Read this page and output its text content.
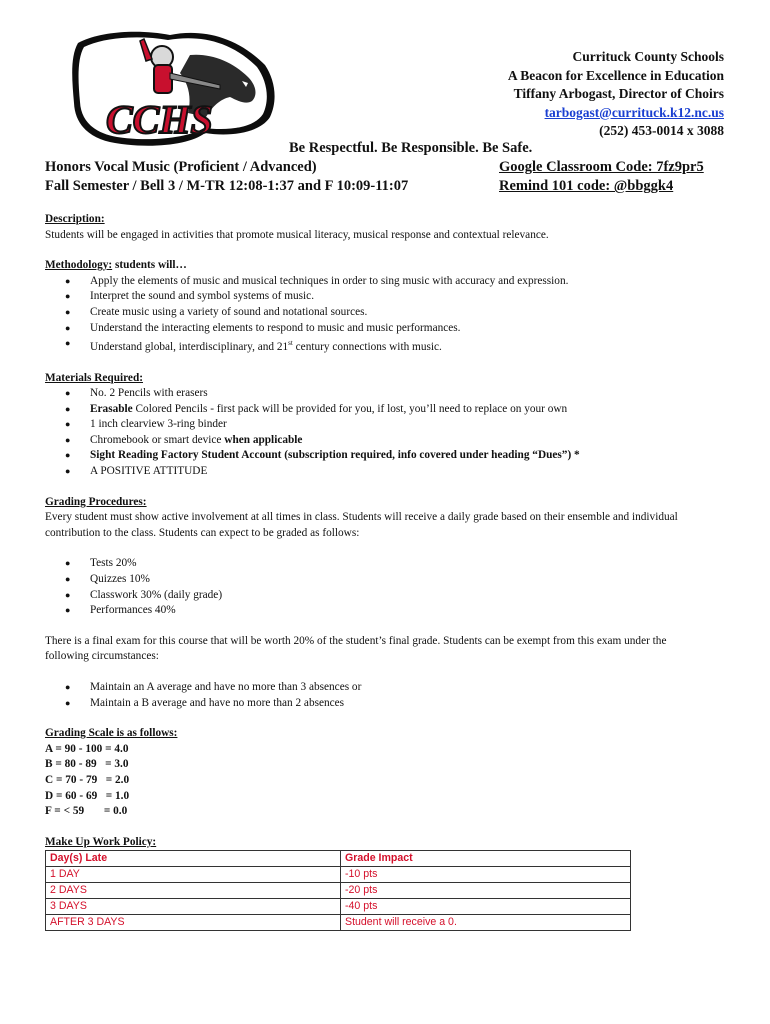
CCHS
Currituck County Schools
A Beacon for Excellence in Education
Tiffany Arbogast, Director of Choirs
tarbogast@currituck.k12.nc.us
(252) 453-0014 x 3088
Be Respectful. Be Responsible. Be Safe.
Honors Vocal Music (Proficient / Advanced)
Fall Semester / Bell 3 / M-TR 12:08-1:37 and F 10:09-11:07
Google Classroom Code: 7fz9pr5
Remind 101 code: @bbggk4
Description:

Students will be engaged in activities that promote musical literacy, musical response and contextual relevance.

Methodology: students will…
● Apply the elements of music and musical techniques in order to sing music with accuracy and expression.
● Interpret the sound and symbol systems of music.
● Create music using a variety of sound and notational sources.
● Understand the interacting elements to respond to music and music performances.
● Understand global, interdisciplinary, and 21st century connections with music.
Materials Required:
● No. 2 Pencils with erasers
● Erasable Colored Pencils - first pack will be provided for you, if lost, you’ll need to replace on your own
● 1 inch clearview 3-ring binder
● Chromebook or smart device when applicable
● Sight Reading Factory Student Account (subscription required, info covered under heading “Dues”) *
● A POSITIVE ATTITUDE
Grading Procedures:

Every student must show active involvement at all times in class. Students will receive a daily grade based on their ensemble and individual contribution to the class. Students can expect to be graded as follows:

● Tests 20%
● Quizzes 10%
● Classwork 30% (daily grade)
● Performances 40%

There is a final exam for this course that will be worth 20% of the student’s final grade. Students can be exempt from this exam under the following circumstances:

● Maintain an A average and have no more than 3 absences or
● Maintain a B average and have no more than 2 absences
Grading Scale is as follows:
A = 90 - 100 = 4.0
B = 80 - 89   = 3.0
C = 70 - 79   = 2.0
D = 60 - 69   = 1.0
F = < 59       = 0.0
Make Up Work Policy:
Day(s) Late	Grade Impact
1 DAY	-10 pts
2 DAYS	-20 pts
3 DAYS	-40 pts
AFTER 3 DAYS	Student will receive a 0.
